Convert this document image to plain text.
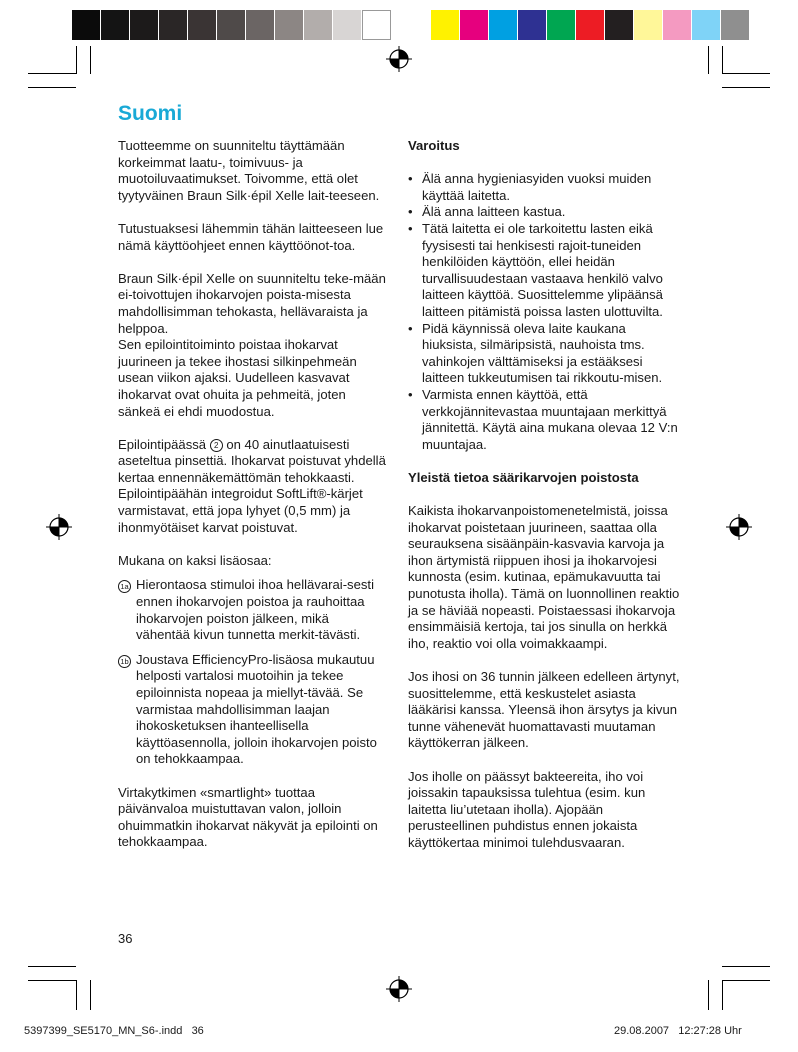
Suomi

Tuotteemme on suunniteltu täyttämään korkeimmat laatu-, toimivuus- ja muotoiluvaatimukset. Toivomme, että olet tyytyväinen Braun Silk·épil Xelle lait-teeseen.

Tutustuaksesi lähemmin tähän laitteeseen lue nämä käyttöohjeet ennen käyttöönot-toa.

Braun Silk·épil Xelle on suunniteltu teke-mään ei-toivottujen ihokarvojen poista-misesta mahdollisimman tehokasta, hellävaraista ja helppoa.
Sen epilointitoiminto poistaa ihokarvat juurineen ja tekee ihostasi silkinpehmeän usean viikon ajaksi. Uudelleen kasvavat ihokarvat ovat ohuita ja pehmeitä, joten sänkeä ei ehdi muodostua.

Epilointipäässä 2 on 40 ainutlaatuisesti aseteltua pinsettiä. Ihokarvat poistuvat yhdellä kertaa ennennäkemättömän tehokkaasti. Epilointipäähän integroidut SoftLift®-kärjet varmistavat, että jopa lyhyet (0,5 mm) ja ihonmyötäiset karvat poistuvat.

Mukana on kaksi lisäosaa:

1a Hierontaosa stimuloi ihoa hellävarai-sesti ennen ihokarvojen poistoa ja rauhoittaa ihokarvojen poiston jälkeen, mikä vähentää kivun tunnetta merkit-tävästi.
1b Joustava EfficiencyPro-lisäosa mukautuu helposti vartalosi muotoihin ja tekee epiloinnista nopeaa ja miellyt-tävää. Se varmistaa mahdollisimman laajan ihokosketuksen ihanteellisella käyttöasennolla, jolloin ihokarvojen poisto on tehokkaampaa.

Virtakytkimen «smartlight» tuottaa päivänvaloa muistuttavan valon, jolloin ohuimmatkin ihokarvat näkyvät ja epilointi on tehokkaampaa.

Varoitus

• Älä anna hygieniasyiden vuoksi muiden käyttää laitetta.
• Älä anna laitteen kastua.
• Tätä laitetta ei ole tarkoitettu lasten eikä fyysisesti tai henkisesti rajoit-tuneiden henkilöiden käyttöön, ellei heidän turvallisuudestaan vastaava henkilö valvo laitteen käyttöä. Suosittelemme ylipäänsä laitteen pitämistä poissa lasten ulottuvilta.
• Pidä käynnissä oleva laite kaukana hiuksista, silmäripsistä, nauhoista tms. vahinkojen välttämiseksi ja estääksesi laitteen tukkeutumisen tai rikkoutu-misen.
• Varmista ennen käyttöä, että verkkojännitevastaa muuntajaan merkittyä jännitettä. Käytä aina mukana olevaa 12 V:n muuntajaa.

Yleistä tietoa säärikarvojen poistosta

Kaikista ihokarvanpoistomenetelmistä, joissa ihokarvat poistetaan juurineen, saattaa olla seurauksena sisäänpäin-kasvavia karvoja ja ihon ärtymistä riippuen ihosi ja ihokarvojesi kunnosta (esim. kutinaa, epämukavuutta tai punotusta iholla). Tämä on luonnollinen reaktio ja se häviää nopeasti. Poistaessasi ihokarvoja ensimmäisiä kertoja, tai jos sinulla on herkkä iho, reaktio voi olla voimakkaampi.

Jos ihosi on 36 tunnin jälkeen edelleen ärtynyt, suosittelemme, että keskustelet asiasta lääkärisi kanssa. Yleensä ihon ärsytys ja kivun tunne vähenevät huomattavasti muutaman käyttökerran jälkeen.

Jos iholle on päässyt bakteereita, iho voi joissakin tapauksissa tulehtua (esim. kun laitetta liu’utetaan iholla). Ajopään perusteellinen puhdistus ennen jokaista käyttökertaa minimoi tulehdusvaaran.

36
5397399_SE5170_MN_S6-.indd   36	29.08.2007   12:27:28 Uhr
